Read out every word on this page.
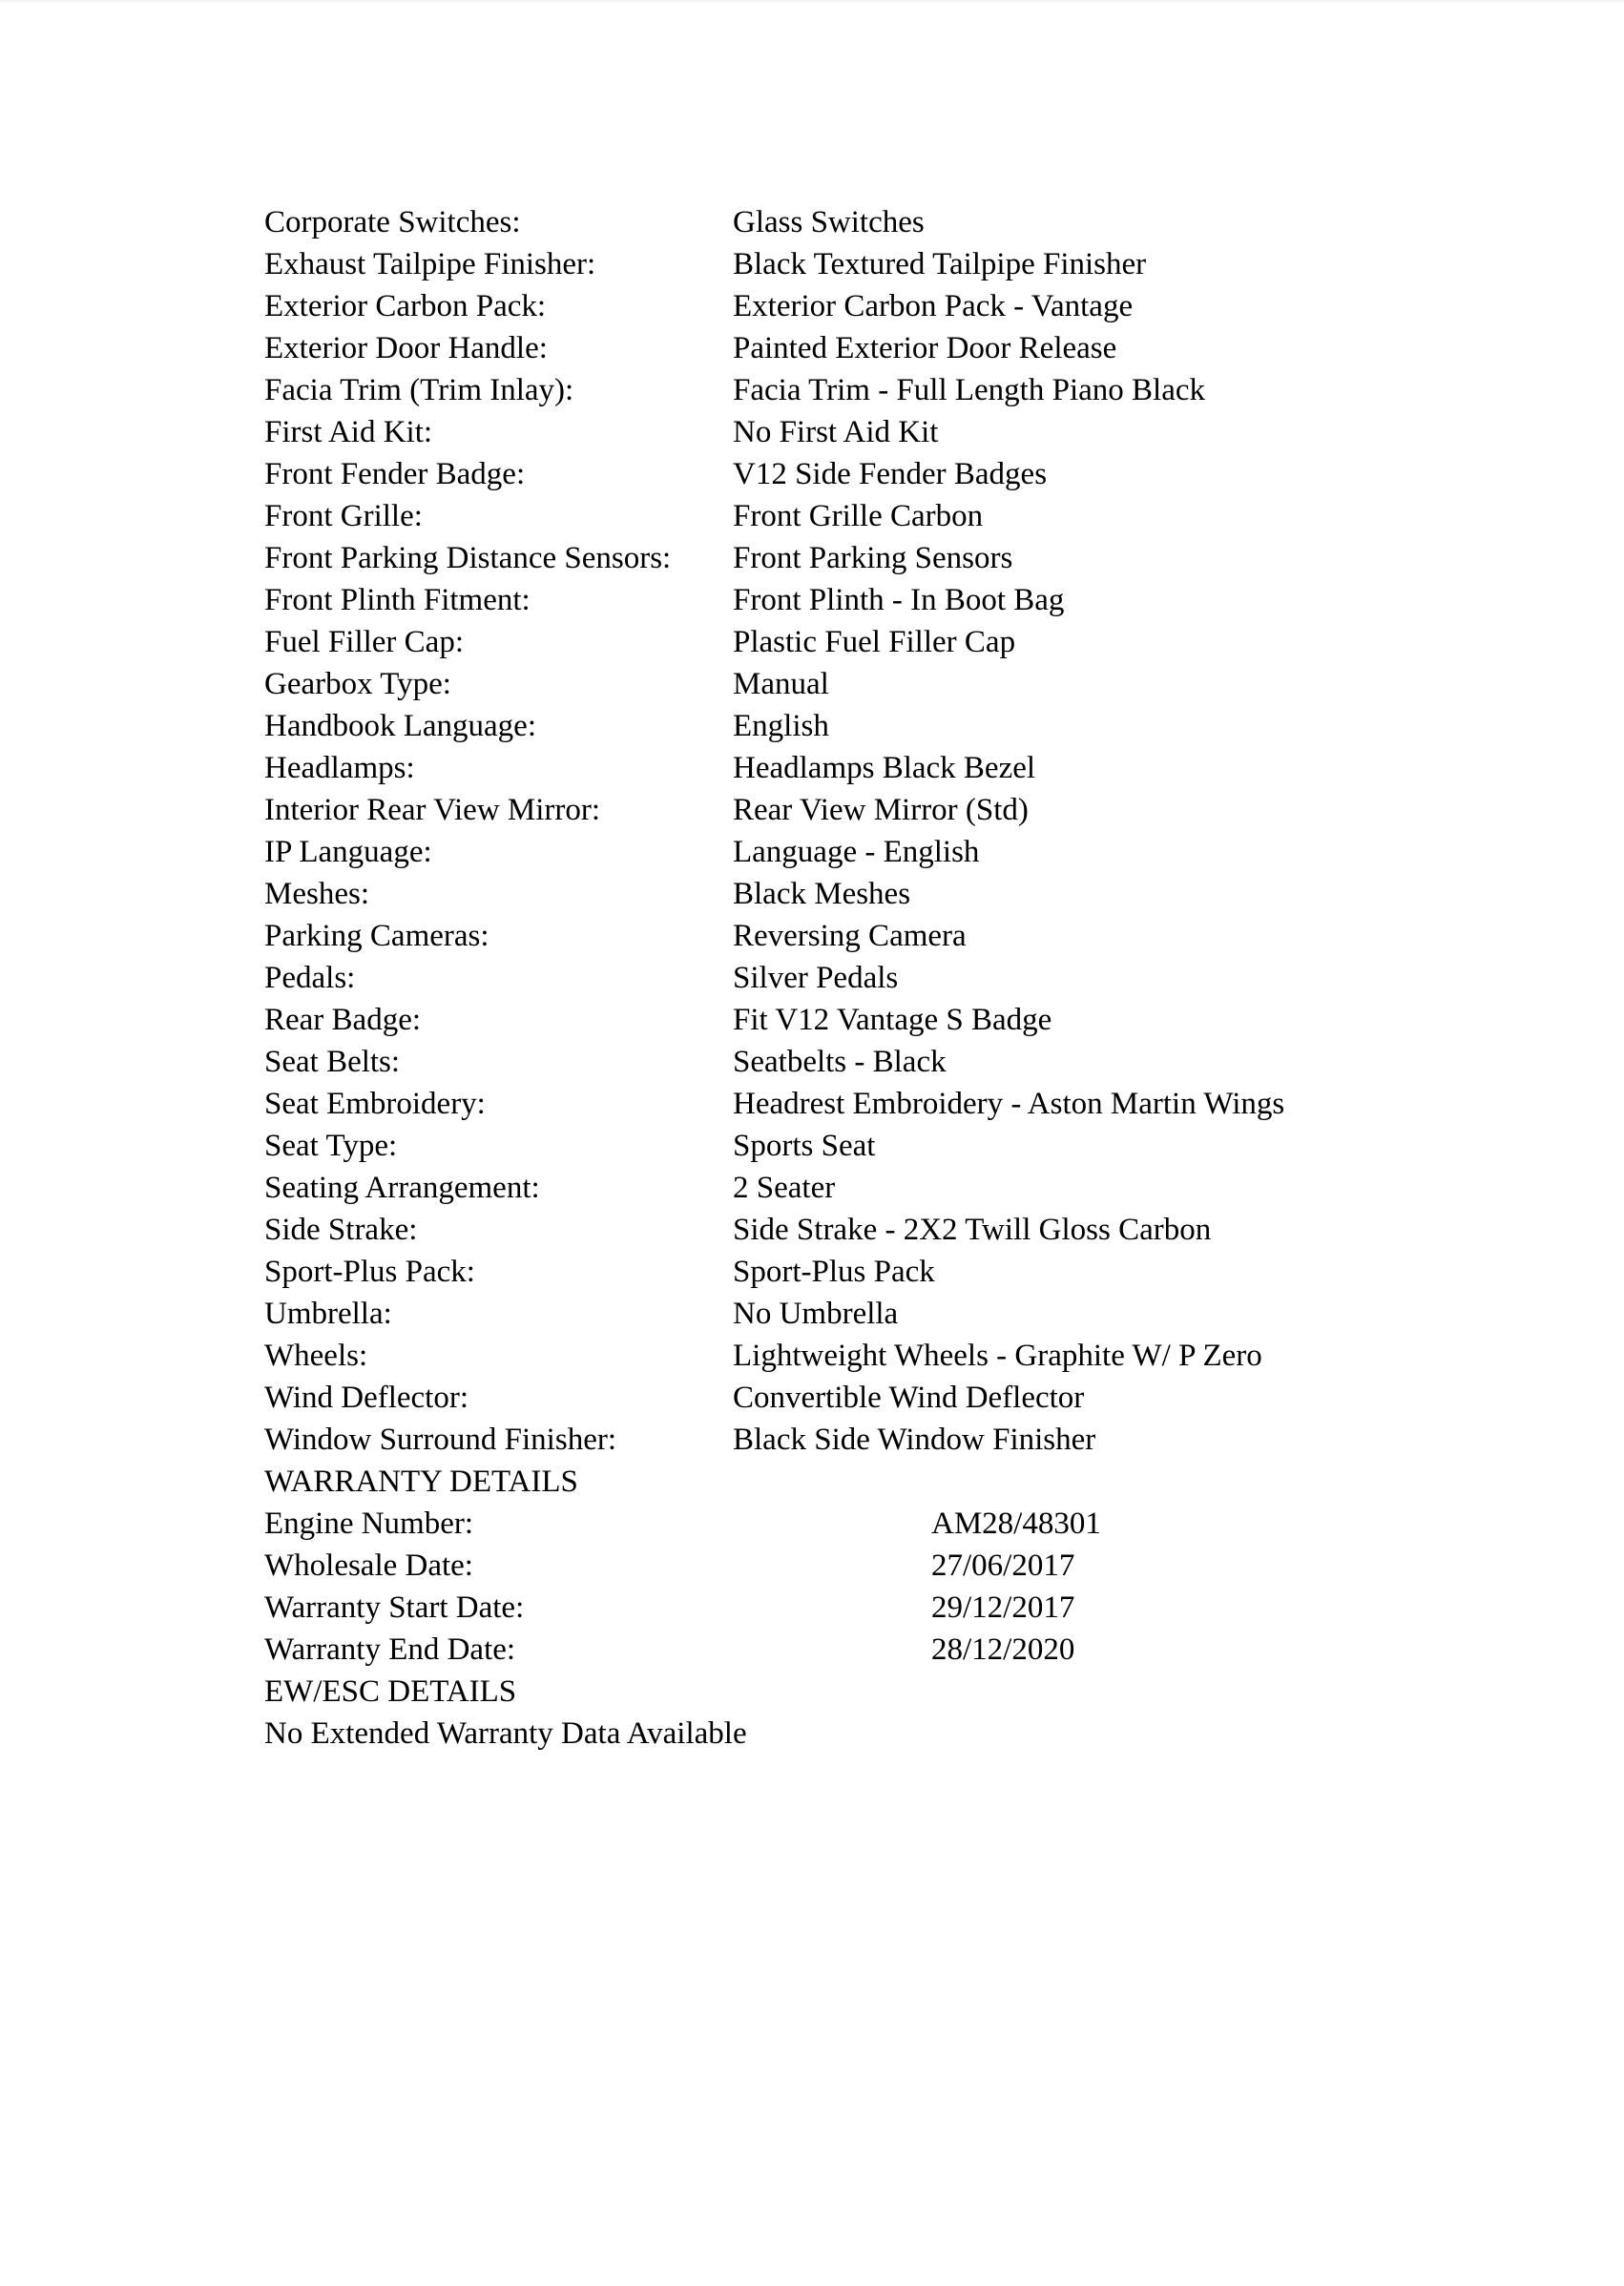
Corporate Switches:	Glass Switches
Exhaust Tailpipe Finisher:	Black Textured Tailpipe Finisher
Exterior Carbon Pack:	Exterior Carbon Pack - Vantage
Exterior Door Handle:	Painted Exterior Door Release
Facia Trim (Trim Inlay):	Facia Trim - Full Length Piano Black
First Aid Kit:	No First Aid Kit
Front Fender Badge:	V12 Side Fender Badges
Front Grille:	Front Grille Carbon
Front Parking Distance Sensors: Front Parking Sensors
Front Plinth Fitment:	Front Plinth - In Boot Bag
Fuel Filler Cap:	Plastic Fuel Filler Cap
Gearbox Type:	Manual
Handbook Language:	English
Headlamps:	Headlamps Black Bezel
Interior Rear View Mirror:	Rear View Mirror (Std)
IP Language:	Language - English
Meshes:	Black Meshes
Parking Cameras:	Reversing Camera
Pedals:	Silver Pedals
Rear Badge:	Fit V12 Vantage S Badge
Seat Belts:	Seatbelts - Black
Seat Embroidery:	Headrest Embroidery - Aston Martin Wings
Seat Type:	Sports Seat
Seating Arrangement:	2 Seater
Side Strake:	Side Strake - 2X2 Twill Gloss Carbon
Sport-Plus Pack:	Sport-Plus Pack
Umbrella:	No Umbrella
Wheels:	Lightweight Wheels - Graphite W/ P Zero
Wind Deflector:	Convertible Wind Deflector
Window Surround Finisher:	Black Side Window Finisher
WARRANTY DETAILS
Engine Number:	AM28/48301
Wholesale Date:	27/06/2017
Warranty Start Date:	29/12/2017
Warranty End Date:	28/12/2020
EW/ESC DETAILS
No Extended Warranty Data Available
